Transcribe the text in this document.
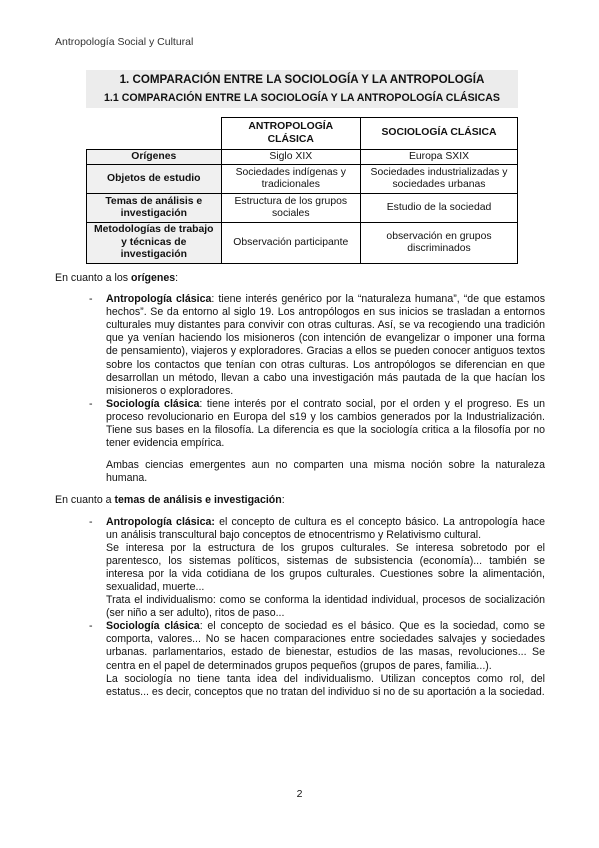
Antropología Social y Cultural
1. COMPARACIÓN ENTRE LA SOCIOLOGÍA Y LA ANTROPOLOGÍA
1.1 COMPARACIÓN ENTRE LA SOCIOLOGÍA Y LA ANTROPOLOGÍA CLÁSICAS
	ANTROPOLOGÍA CLÁSICA	SOCIOLOGÍA CLÁSICA
Orígenes	Siglo XIX	Europa SXIX
Objetos de estudio	Sociedades indígenas y tradicionales	Sociedades industrializadas y sociedades urbanas
Temas de análisis e investigación	Estructura de los grupos sociales	Estudio de la sociedad
Metodologías de trabajo y técnicas de investigación	Observación participante	observación en grupos discriminados

En cuanto a los orígenes:

- Antropología clásica: tiene interés genérico por la “naturaleza humana”, “de que estamos hechos”. Se da entorno al siglo 19. Los antropólogos en sus inicios se trasladan a entornos culturales muy distantes para convivir con otras culturas. Así, se va recogiendo una tradición que ya venían haciendo los misioneros (con intención de evangelizar o imponer una forma de pensamiento), viajeros y exploradores. Gracias a ellos se pueden conocer antiguos textos sobre los contactos que tenían con otras culturas. Los antropólogos se diferencian en que desarrollan un método, llevan a cabo una investigación más pautada de la que hacían los misioneros o exploradores.
- Sociología clásica: tiene interés por el contrato social, por el orden y el progreso. Es un proceso revolucionario en Europa del s19 y los cambios generados por la Industrialización. Tiene sus bases en la filosofía. La diferencia es que la sociología critica a la filosofía por no tener evidencia empírica.

Ambas ciencias emergentes aun no comparten una misma noción sobre la naturaleza humana.

En cuanto a temas de análisis e investigación:

- Antropología clásica: el concepto de cultura es el concepto básico. La antropología hace un análisis transcultural bajo conceptos de etnocentrismo y Relativismo cultural.

Se interesa por la estructura de los grupos culturales. Se interesa sobretodo por el parentesco, los sistemas políticos, sistemas de subsistencia (economía)... también se interesa por la vida cotidiana de los grupos culturales. Cuestiones sobre la alimentación, sexualidad, muerte...

Trata el individualismo: como se conforma la identidad individual, procesos de socialización (ser niño a ser adulto), ritos de paso...

- Sociología clásica: el concepto de sociedad es el básico. Que es la sociedad, como se comporta, valores... No se hacen comparaciones entre sociedades salvajes y sociedades urbanas. parlamentarios, estado de bienestar, estudios de las masas, revoluciones... Se centra en el papel de determinados grupos pequeños (grupos de pares, familia...).

La sociología no tiene tanta idea del individualismo. Utilizan conceptos como rol, del estatus... es decir, conceptos que no tratan del individuo si no de su aportación a la sociedad.

2
